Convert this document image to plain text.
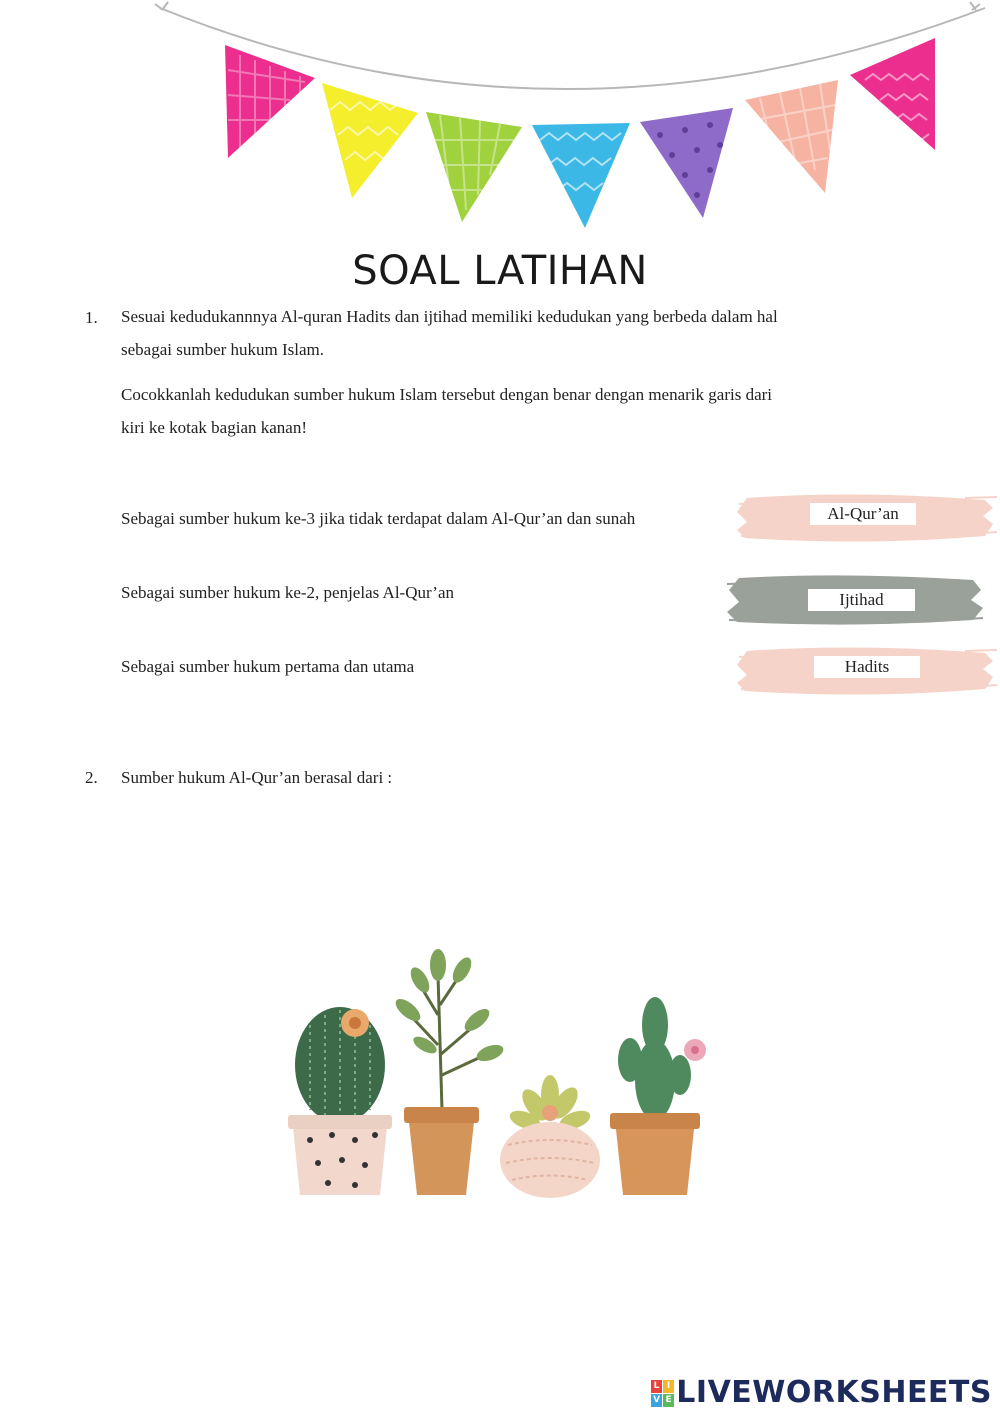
SOAL LATIHAN
1. Sesuai kedudukannnya Al-quran Hadits dan ijtihad memiliki kedudukan yang berbeda dalam hal
sebagai sumber hukum Islam.
Cocokkanlah kedudukan sumber hukum Islam tersebut dengan benar dengan menarik garis dari
kiri ke kotak bagian kanan!
Sebagai sumber hukum ke-3 jika tidak terdapat dalam Al-Qur’an dan sunah
Sebagai sumber hukum ke-2, penjelas Al-Qur’an
Sebagai sumber hukum pertama dan utama
Al-Qur’an
Ijtihad
Hadits
2. Sumber hukum Al-Qur’an berasal dari :
L I
V E LIVEWORKSHEETS
